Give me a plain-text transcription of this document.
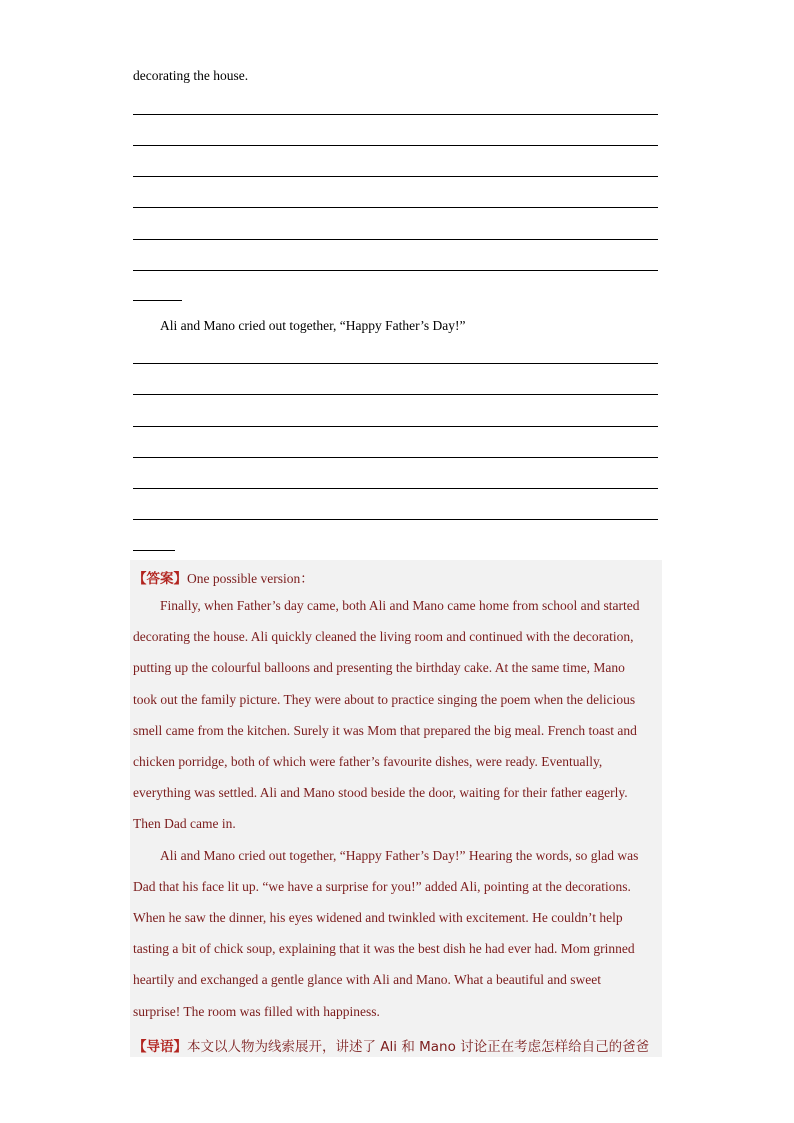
decorating the house.
Ali and Mano cried out together, “Happy Father’s Day!”
【答案】One possible version：
Finally, when Father’s day came, both Ali and Mano came home from school and started
decorating the house. Ali quickly cleaned the living room and continued with the decoration,
putting up the colourful balloons and presenting the birthday cake. At the same time, Mano
took out the family picture. They were about to practice singing the poem when the delicious
smell came from the kitchen. Surely it was Mom that prepared the big meal. French toast and
chicken porridge, both of which were father’s favourite dishes, were ready. Eventually,
everything was settled. Ali and Mano stood beside the door, waiting for their father eagerly.
Then Dad came in.
Ali and Mano cried out together, “Happy Father’s Day!” Hearing the words, so glad was
Dad that his face lit up. “we have a surprise for you!” added Ali, pointing at the decorations.
When he saw the dinner, his eyes widened and twinkled with excitement. He couldn’t help
tasting a bit of chick soup, explaining that it was the best dish he had ever had. Mom grinned
heartily and exchanged a gentle glance with Ali and Mano. What a beautiful and sweet
surprise! The room was filled with happiness.
【导语】本文以人物为线索展开，讲述了 Ali 和 Mano 讨论正在考虑怎样给自己的爸爸
